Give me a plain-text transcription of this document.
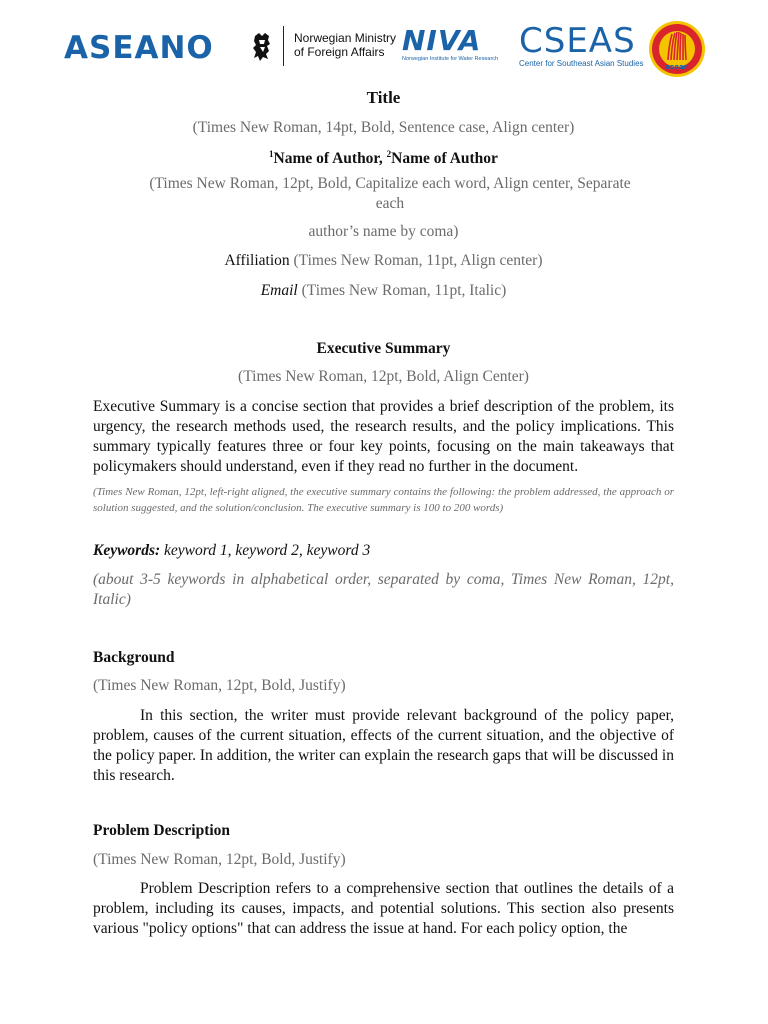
ASEANO	Norwegian Ministry
of Foreign Affairs NIVA
Norwegian Institute for Water Research CSEAS
Center for Southeast Asian Studies	asean

Title

(Times New Roman, 14pt, Bold, Sentence case, Align center)

$^1$Name of Author, $^2$Name of Author

(Times New Roman, 12pt, Bold, Capitalize each word, Align center, Separate
each

author’s name by coma)

Affiliation (Times New Roman, 11pt, Align center)

Email (Times New Roman, 11pt, Italic)

Executive Summary

(Times New Roman, 12pt, Bold, Align Center)

Executive Summary is a concise section that provides a brief description of the problem, its urgency, the research methods used, the research results, and the policy implications. This summary typically features three or four key points, focusing on the main takeaways that policymakers should understand, even if they read no further in the document.

(Times New Roman, 12pt, left-right aligned, the executive summary contains the following: the problem addressed, the approach or solution suggested, and the solution/conclusion. The executive summary is 100 to 200 words)

Keywords: keyword 1, keyword 2, keyword 3

(about 3-5 keywords in alphabetical order, separated by coma, Times New Roman, 12pt, Italic)

Background

(Times New Roman, 12pt, Bold, Justify)

In this section, the writer must provide relevant background of the policy paper, problem, causes of the current situation, effects of the current situation, and the objective of the policy paper. In addition, the writer can explain the research gaps that will be discussed in this research.

Problem Description

(Times New Roman, 12pt, Bold, Justify)

Problem Description refers to a comprehensive section that outlines the details of a problem, including its causes, impacts, and potential solutions. This section also presents various "policy options" that can address the issue at hand. For each policy option, the
